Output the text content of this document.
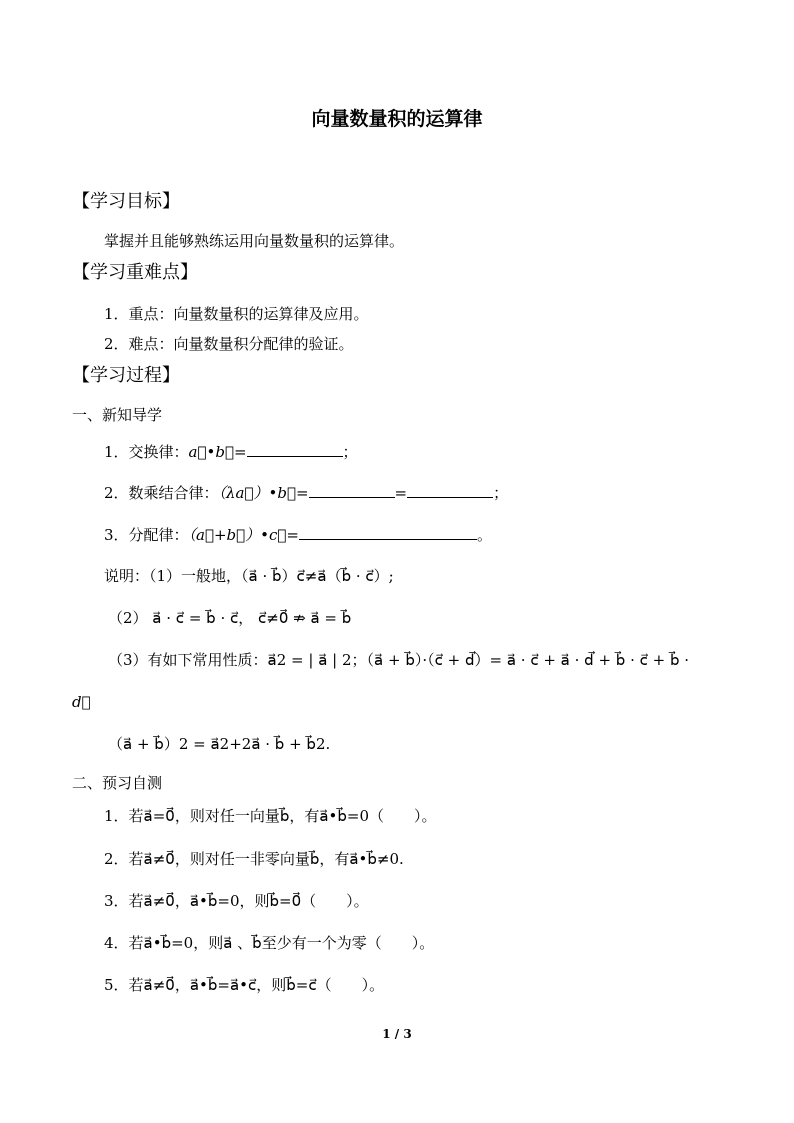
向量数量积的运算律
【学习目标】
掌握并且能够熟练运用向量数量积的运算律。
【学习重难点】
1．重点：向量数量积的运算律及应用。
2．难点：向量数量积分配律的验证。
【学习过程】
一、新知导学
1．交换律：a⃗•b⃗=	；
2．数乘结合律：（λa⃗）•b⃗=	=	；
3．分配律：（a⃗+b⃗）•c⃗=	。
说明：（1）一般地，（a⃗ · b⃗）c⃗≠a⃗（b⃗ · c⃗）;
（2） a⃗ · c⃗ = b⃗ · c⃗， c⃗≠0⃗ ⇏ a⃗ = b⃗
（3）有如下常用性质：a⃗2 = | a⃗ | 2；（a⃗ + b⃗）·（c⃗ + d⃗）= a⃗ · c⃗ + a⃗ · d⃗ + b⃗ · c⃗ + b⃗ ·
d⃗
（a⃗ + b⃗）2 = a⃗2+2a⃗ · b⃗ + b⃗2.
二、预习自测
1．若a⃗=0⃗，则对任一向量b⃗，有a⃗•b⃗=0（　　）。
2．若a⃗≠0⃗，则对任一非零向量b⃗，有a⃗•b⃗≠0.
3．若a⃗≠0⃗，a⃗•b⃗=0，则b⃗=0⃗（　　）。
4．若a⃗•b⃗=0，则a⃗ 、b⃗至少有一个为零（　　）。
5．若a⃗≠0⃗，a⃗•b⃗=a⃗•c⃗，则b⃗=c⃗（　　）。
1 / 3
